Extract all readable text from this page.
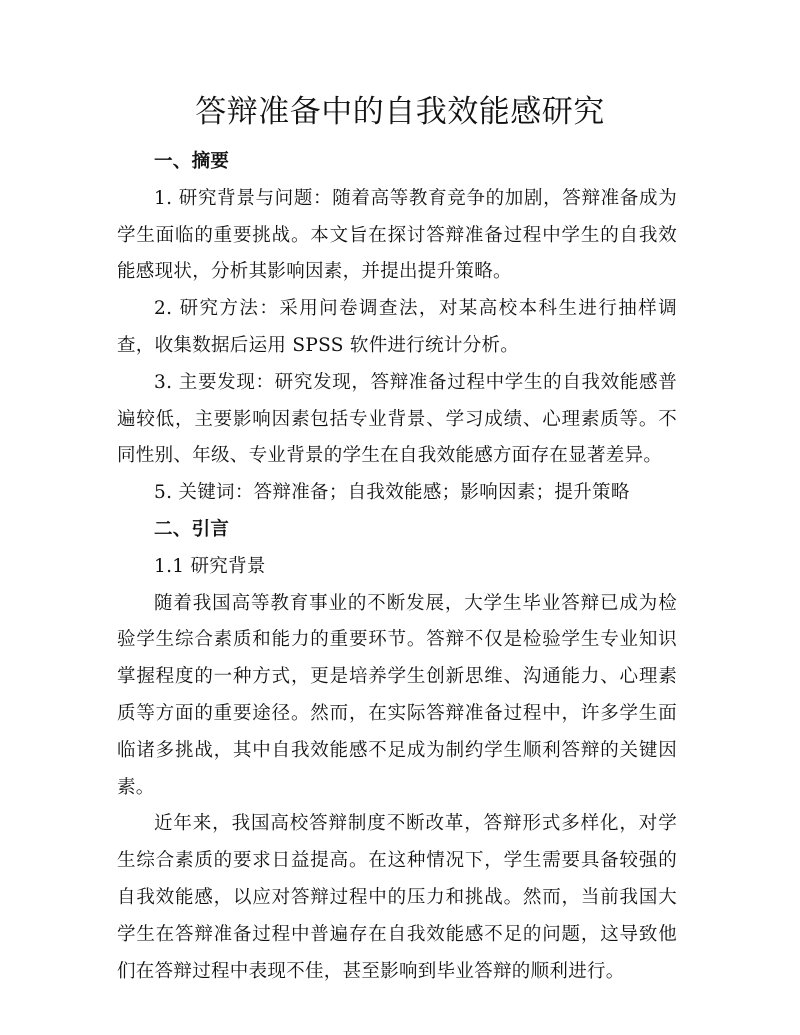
答辩准备中的自我效能感研究

一、摘要

1. 研究背景与问题：随着高等教育竞争的加剧，答辩准备成为学生面临的重要挑战。本文旨在探讨答辩准备过程中学生的自我效能感现状，分析其影响因素，并提出提升策略。

2. 研究方法：采用问卷调查法，对某高校本科生进行抽样调查，收集数据后运用 SPSS 软件进行统计分析。

3. 主要发现：研究发现，答辩准备过程中学生的自我效能感普遍较低，主要影响因素包括专业背景、学习成绩、心理素质等。不同性别、年级、专业背景的学生在自我效能感方面存在显著差异。

5. 关键词：答辩准备；自我效能感；影响因素；提升策略

二、引言

1.1 研究背景

随着我国高等教育事业的不断发展，大学生毕业答辩已成为检验学生综合素质和能力的重要环节。答辩不仅是检验学生专业知识掌握程度的一种方式，更是培养学生创新思维、沟通能力、心理素质等方面的重要途径。然而，在实际答辩准备过程中，许多学生面临诸多挑战，其中自我效能感不足成为制约学生顺利答辩的关键因素。

近年来，我国高校答辩制度不断改革，答辩形式多样化，对学生综合素质的要求日益提高。在这种情况下，学生需要具备较强的自我效能感，以应对答辩过程中的压力和挑战。然而，当前我国大学生在答辩准备过程中普遍存在自我效能感不足的问题，这导致他们在答辩过程中表现不佳，甚至影响到毕业答辩的顺利进行。
